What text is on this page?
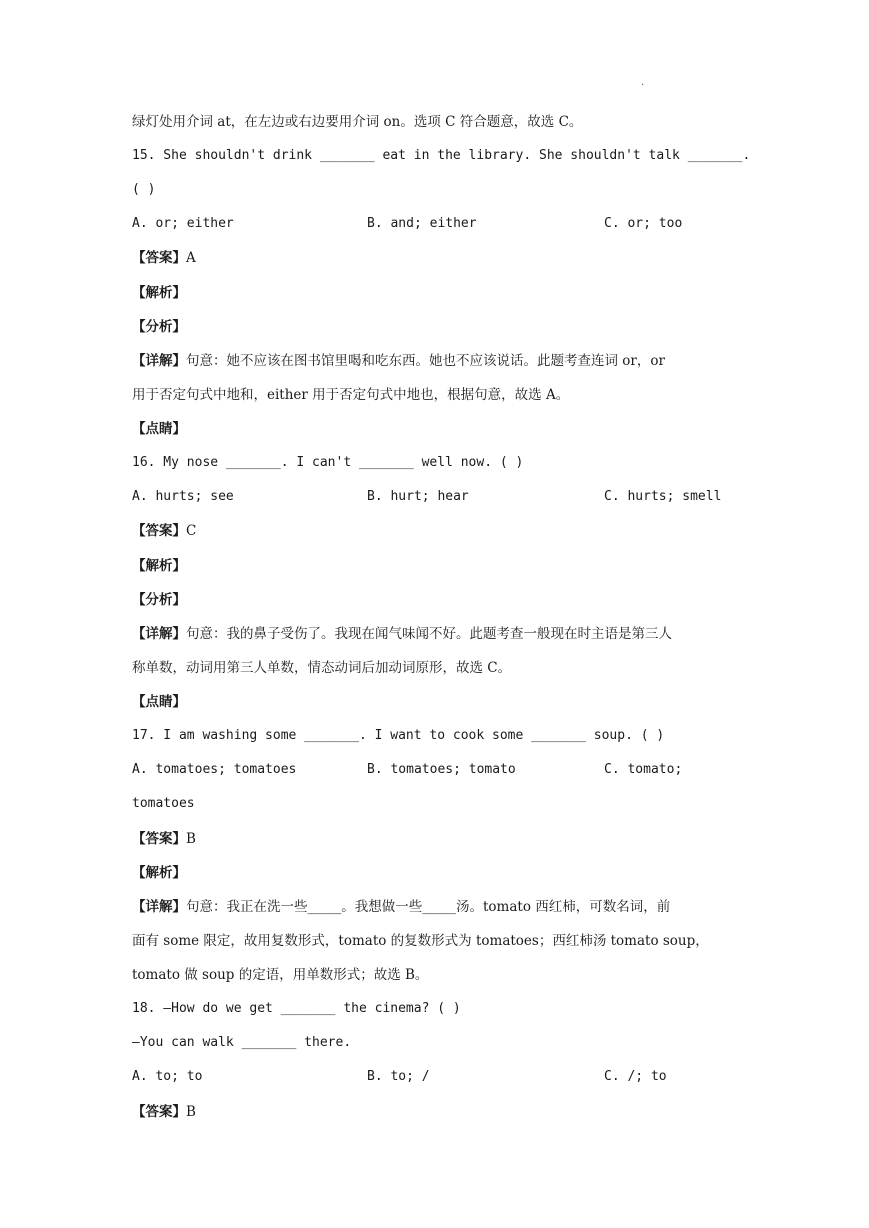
·
绿灯处用介词 at，在左边或右边要用介词 on。选项 C 符合题意，故选 C。
15. She shouldn't drink _______ eat in the library. She shouldn't talk _______.
( )
A. or; either	B. and; either	C. or; too
【答案】A
【解析】
【分析】
【详解】句意：她不应该在图书馆里喝和吃东西。她也不应该说话。此题考查连词 or，or
用于否定句式中地和，either 用于否定句式中地也，根据句意，故选 A。
【点睛】
16. My nose _______. I can't _______ well now. ( )
A. hurts; see	B. hurt; hear	C. hurts; smell
【答案】C
【解析】
【分析】
【详解】句意：我的鼻子受伤了。我现在闻气味闻不好。此题考查一般现在时主语是第三人
称单数，动词用第三人单数，情态动词后加动词原形，故选 C。
【点睛】
17. I am washing some _______. I want to cook some _______ soup. ( )
A. tomatoes; tomatoes	B. tomatoes; tomato	C. tomato;
tomatoes
【答案】B
【解析】
【详解】句意：我正在洗一些_____。我想做一些_____汤。tomato 西红柿，可数名词，前
面有 some 限定，故用复数形式，tomato 的复数形式为 tomatoes；西红柿汤 tomato soup，
tomato 做 soup 的定语，用单数形式；故选 B。
18. —How do we get _______ the cinema? ( )
—You can walk _______ there.
A. to; to	B. to; /	C. /; to
【答案】B
